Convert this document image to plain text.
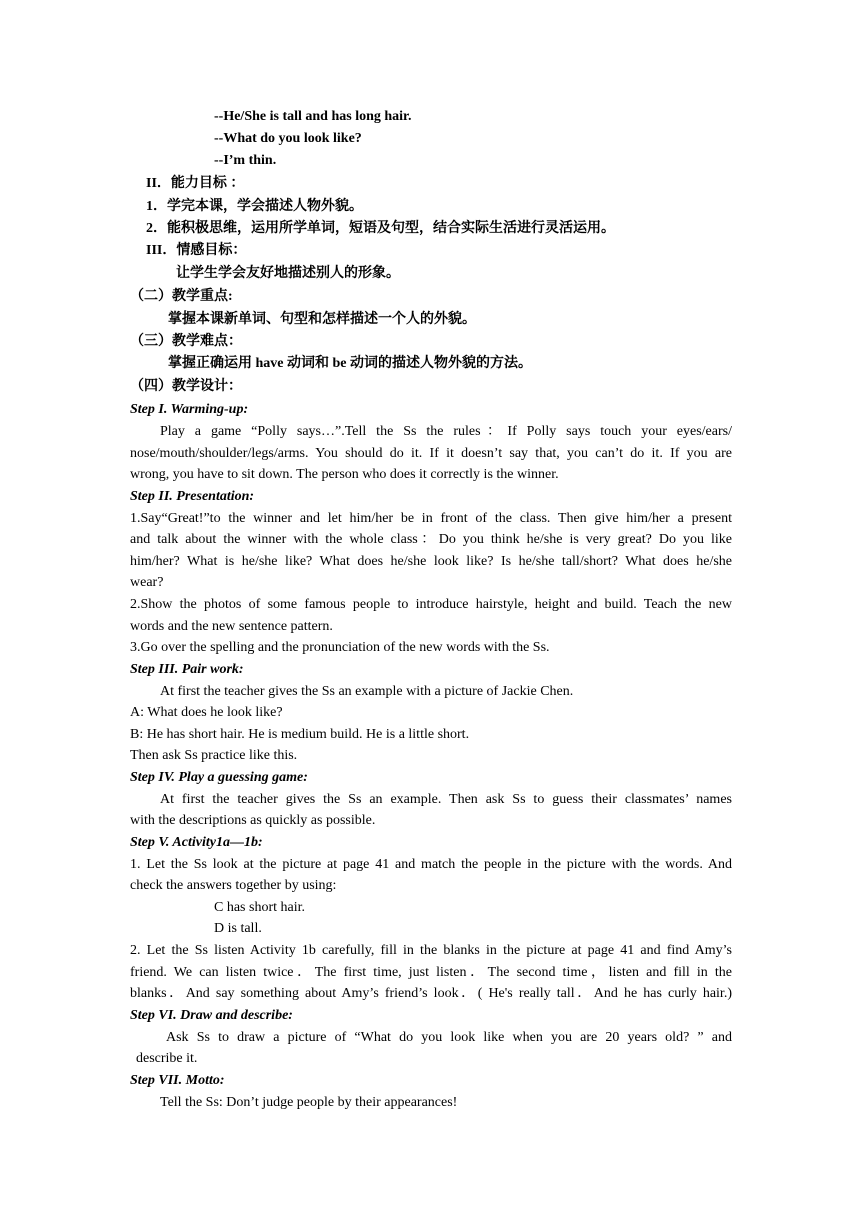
--He/She is tall and has long hair.
--What do you look like?
--I’m thin.
II．能力目标 ：
1．学完本课，学会描述人物外貌。
2．能积极思维，运用所学单词，短语及句型，结合实际生活进行灵活运用。
III．情感目标：
让学生学会友好地描述别人的形象。
（二）教学重点:
掌握本课新单词、句型和怎样描述一个人的外貌。
（三）教学难点：
掌握正确运用 have 动词和 be 动词的描述人物外貌的方法。
（四）教学设计：
Step I. Warming-up:
Play a game “Polly says…”.Tell the Ss the rules：If Polly says touch your eyes/ears/
nose/mouth/shoulder/legs/arms. You should do it. If it doesn’t say that, you can’t do it. If you are
wrong, you have to sit down. The person who does it correctly is the winner.
Step II. Presentation:
1.Say“Great!”to the winner and let him/her be in front of the class. Then give him/her a present
and talk about the winner with the whole class：Do you think he/she is very great? Do you like
him/her? What is he/she like? What does he/she look like? Is he/she tall/short? What does he/she
wear?
2.Show the photos of some famous people to introduce hairstyle, height and build. Teach the new
words and the new sentence pattern.
3.Go over the spelling and the pronunciation of the new words with the Ss.
Step III. Pair work:
At first the teacher gives the Ss an example with a picture of Jackie Chen.
A: What does he look like?
B: He has short hair. He is medium build. He is a little short.
Then ask Ss practice like this.
Step IV. Play a guessing game:
At first the teacher gives the Ss an example. Then ask Ss to guess their classmates’ names
with the descriptions as quickly as possible.
Step V. Activity1a—1b:
1. Let the Ss look at the picture at page 41 and match the people in the picture with the words. And
check the answers together by using:
C has short hair.
D is tall.
2. Let the Ss listen Activity 1b carefully, fill in the blanks in the picture at page 41 and find Amy’s
friend. We can listen twice．The first time, just listen．The second time，listen and fill in the
blanks．And say something about Amy’s friend’s look．( He's really tall．And he has curly hair.)
Step VI. Draw and describe:
Ask Ss to draw a picture of “What do you look like when you are 20 years old? ” and
describe it.
Step VII. Motto:
Tell the Ss: Don’t judge people by their appearances!
